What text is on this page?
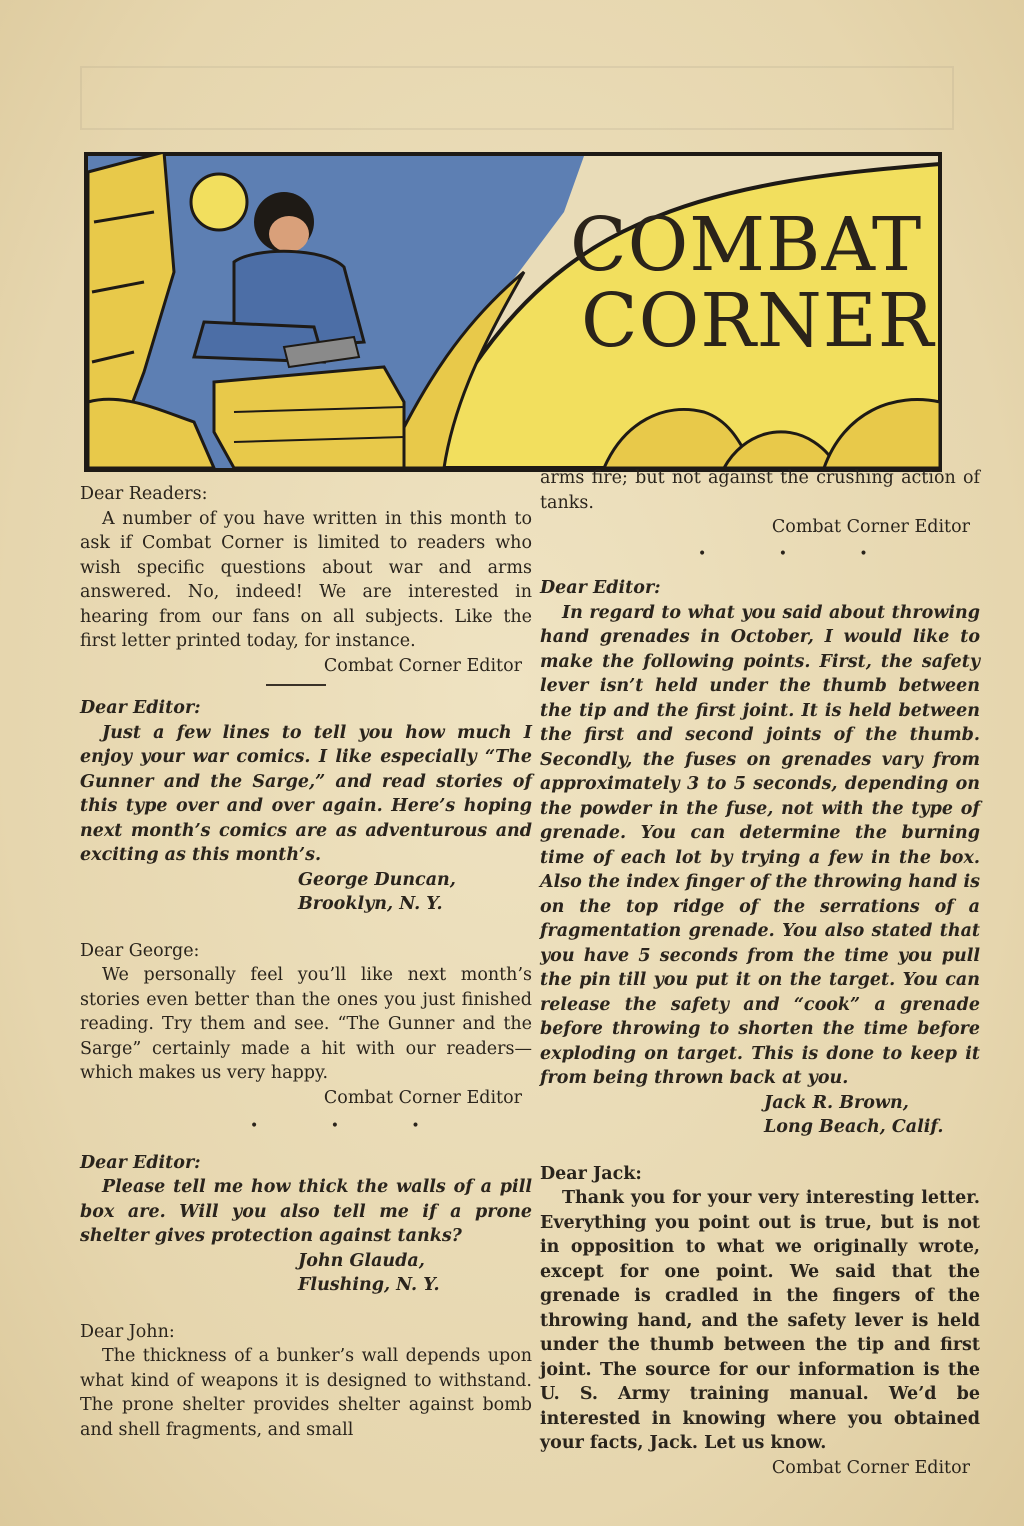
COMBAT
CORNER

Dear Readers:

A number of you have written in this month to ask if Combat Corner is limited to readers who wish specific questions about war and arms answered. No, indeed! We are interested in hearing from our fans on all subjects. Like the first letter printed today, for instance.

Combat Corner Editor

Dear Editor:

Just a few lines to tell you how much I enjoy your war comics. I like especially “The Gunner and the Sarge,” and read stories of this type over and over again. Here’s hoping next month’s comics are as adventurous and exciting as this month’s.

George Duncan,

Brooklyn, N. Y.

Dear George:

We personally feel you’ll like next month’s stories even better than the ones you just finished reading. Try them and see. “The Gunner and the Sarge” certainly made a hit with our readers—which makes us very happy.

Combat Corner Editor

• • •

Dear Editor:

Please tell me how thick the walls of a pill box are. Will you also tell me if a prone shelter gives protection against tanks?

John Glauda,

Flushing, N. Y.

Dear John:

The thickness of a bunker’s wall depends upon what kind of weapons it is designed to withstand. The prone shelter provides shelter against bomb and shell fragments, and small

arms fire; but not against the crushing action of tanks.

Combat Corner Editor

• • •

Dear Editor:

In regard to what you said about throwing hand grenades in October, I would like to make the following points. First, the safety lever isn’t held under the thumb between the tip and the first joint. It is held between the first and second joints of the thumb. Secondly, the fuses on grenades vary from approximately 3 to 5 seconds, depending on the powder in the fuse, not with the type of grenade. You can determine the burning time of each lot by trying a few in the box. Also the index finger of the throwing hand is on the top ridge of the serrations of a fragmentation grenade. You also stated that you have 5 seconds from the time you pull the pin till you put it on the target. You can release the safety and “cook” a grenade before throwing to shorten the time before exploding on target. This is done to keep it from being thrown back at you.

Jack R. Brown,

Long Beach, Calif.

Dear Jack:

Thank you for your very interesting letter. Everything you point out is true, but is not in opposition to what we originally wrote, except for one point. We said that the grenade is cradled in the fingers of the throwing hand, and the safety lever is held under the thumb between the tip and first joint. The source for our information is the U. S. Army training manual. We’d be interested in knowing where you obtained your facts, Jack. Let us know.

Combat Corner Editor
